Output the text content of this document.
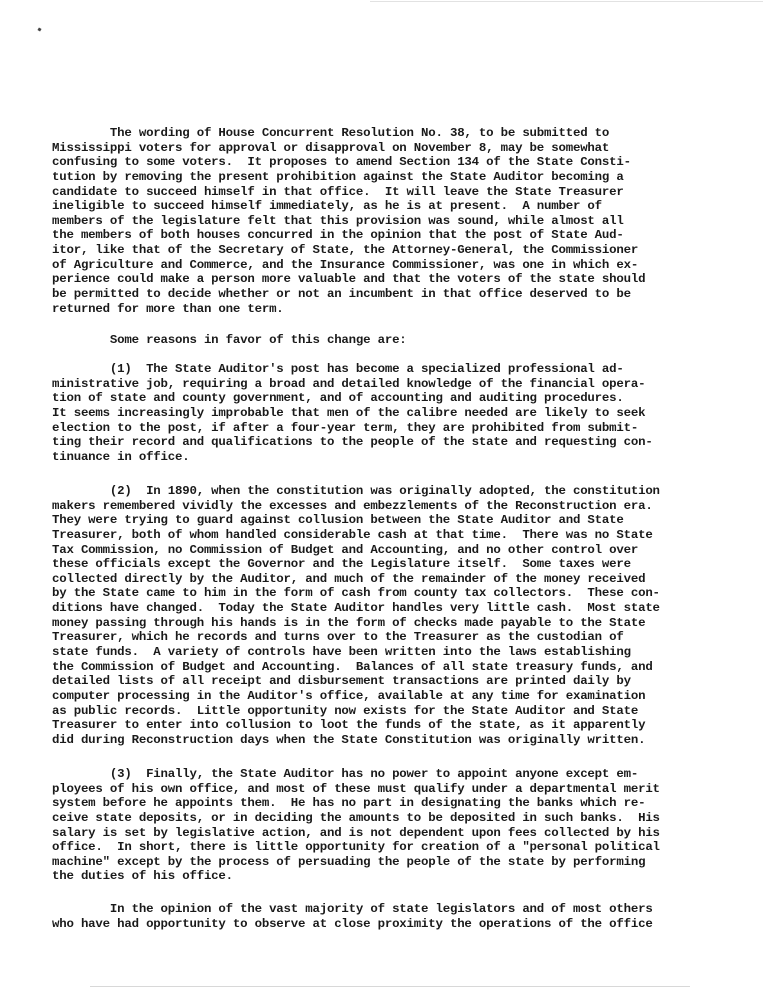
The wording of House Concurrent Resolution No. 38, to be submitted to
Mississippi voters for approval or disapproval on November 8, may be somewhat
confusing to some voters.  It proposes to amend Section 134 of the State Consti-
tution by removing the present prohibition against the State Auditor becoming a
candidate to succeed himself in that office.  It will leave the State Treasurer
ineligible to succeed himself immediately, as he is at present.  A number of
members of the legislature felt that this provision was sound, while almost all
the members of both houses concurred in the opinion that the post of State Aud-
itor, like that of the Secretary of State, the Attorney-General, the Commissioner
of Agriculture and Commerce, and the Insurance Commissioner, was one in which ex-
perience could make a person more valuable and that the voters of the state should
be permitted to decide whether or not an incumbent in that office deserved to be
returned for more than one term.
Some reasons in favor of this change are:
(1)  The State Auditor's post has become a specialized professional ad-
ministrative job, requiring a broad and detailed knowledge of the financial opera-
tion of state and county government, and of accounting and auditing procedures.
It seems increasingly improbable that men of the calibre needed are likely to seek
election to the post, if after a four-year term, they are prohibited from submit-
ting their record and qualifications to the people of the state and requesting con-
tinuance in office.
(2)  In 1890, when the constitution was originally adopted, the constitution
makers remembered vividly the excesses and embezzlements of the Reconstruction era.
They were trying to guard against collusion between the State Auditor and State
Treasurer, both of whom handled considerable cash at that time.  There was no State
Tax Commission, no Commission of Budget and Accounting, and no other control over
these officials except the Governor and the Legislature itself.  Some taxes were
collected directly by the Auditor, and much of the remainder of the money received
by the State came to him in the form of cash from county tax collectors.  These con-
ditions have changed.  Today the State Auditor handles very little cash.  Most state
money passing through his hands is in the form of checks made payable to the State
Treasurer, which he records and turns over to the Treasurer as the custodian of
state funds.  A variety of controls have been written into the laws establishing
the Commission of Budget and Accounting.  Balances of all state treasury funds, and
detailed lists of all receipt and disbursement transactions are printed daily by
computer processing in the Auditor's office, available at any time for examination
as public records.  Little opportunity now exists for the State Auditor and State
Treasurer to enter into collusion to loot the funds of the state, as it apparently
did during Reconstruction days when the State Constitution was originally written.
(3)  Finally, the State Auditor has no power to appoint anyone except em-
ployees of his own office, and most of these must qualify under a departmental merit
system before he appoints them.  He has no part in designating the banks which re-
ceive state deposits, or in deciding the amounts to be deposited in such banks.  His
salary is set by legislative action, and is not dependent upon fees collected by his
office.  In short, there is little opportunity for creation of a "personal political
machine" except by the process of persuading the people of the state by performing
the duties of his office.
In the opinion of the vast majority of state legislators and of most others
who have had opportunity to observe at close proximity the operations of the office
